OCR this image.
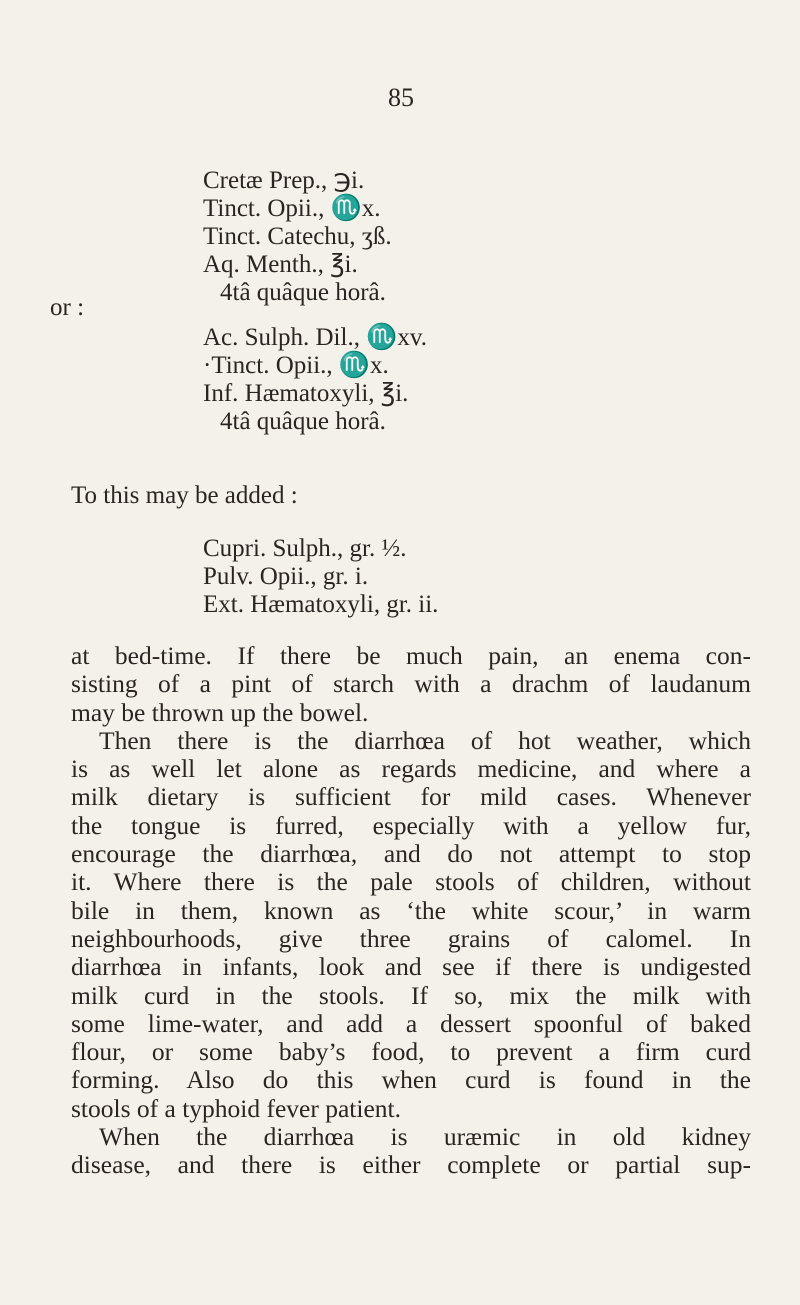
85
Cretæ Prep., ℈i.
Tinct. Opii., ♏x.
Tinct. Catechu, ʒß.
Aq. Menth., ℥i.
4tâ quâque horâ.
or :
Ac. Sulph. Dil., ♏xv.
·Tinct. Opii., ♏x.
Inf. Hæmatoxyli, ℥i.
4tâ quâque horâ.
To this may be added :
Cupri. Sulph., gr. ½.
Pulv. Opii., gr. i.
Ext. Hæmatoxyli, gr. ii.

at bed-time. If there be much pain, an enema con-
sisting of a pint of starch with a drachm of laudanum
may be thrown up the bowel.

Then there is the diarrhœa of hot weather, which
is as well let alone as regards medicine, and where a
milk dietary is sufficient for mild cases. Whenever
the tongue is furred, especially with a yellow fur,
encourage the diarrhœa, and do not attempt to stop
it. Where there is the pale stools of children, without
bile in them, known as ‘the white scour,’ in warm
neighbourhoods, give three grains of calomel. In
diarrhœa in infants, look and see if there is undigested
milk curd in the stools. If so, mix the milk with
some lime-water, and add a dessert spoonful of baked
flour, or some baby’s food, to prevent a firm curd
forming. Also do this when curd is found in the
stools of a typhoid fever patient.

When the diarrhœa is uræmic in old kidney
disease, and there is either complete or partial sup-
